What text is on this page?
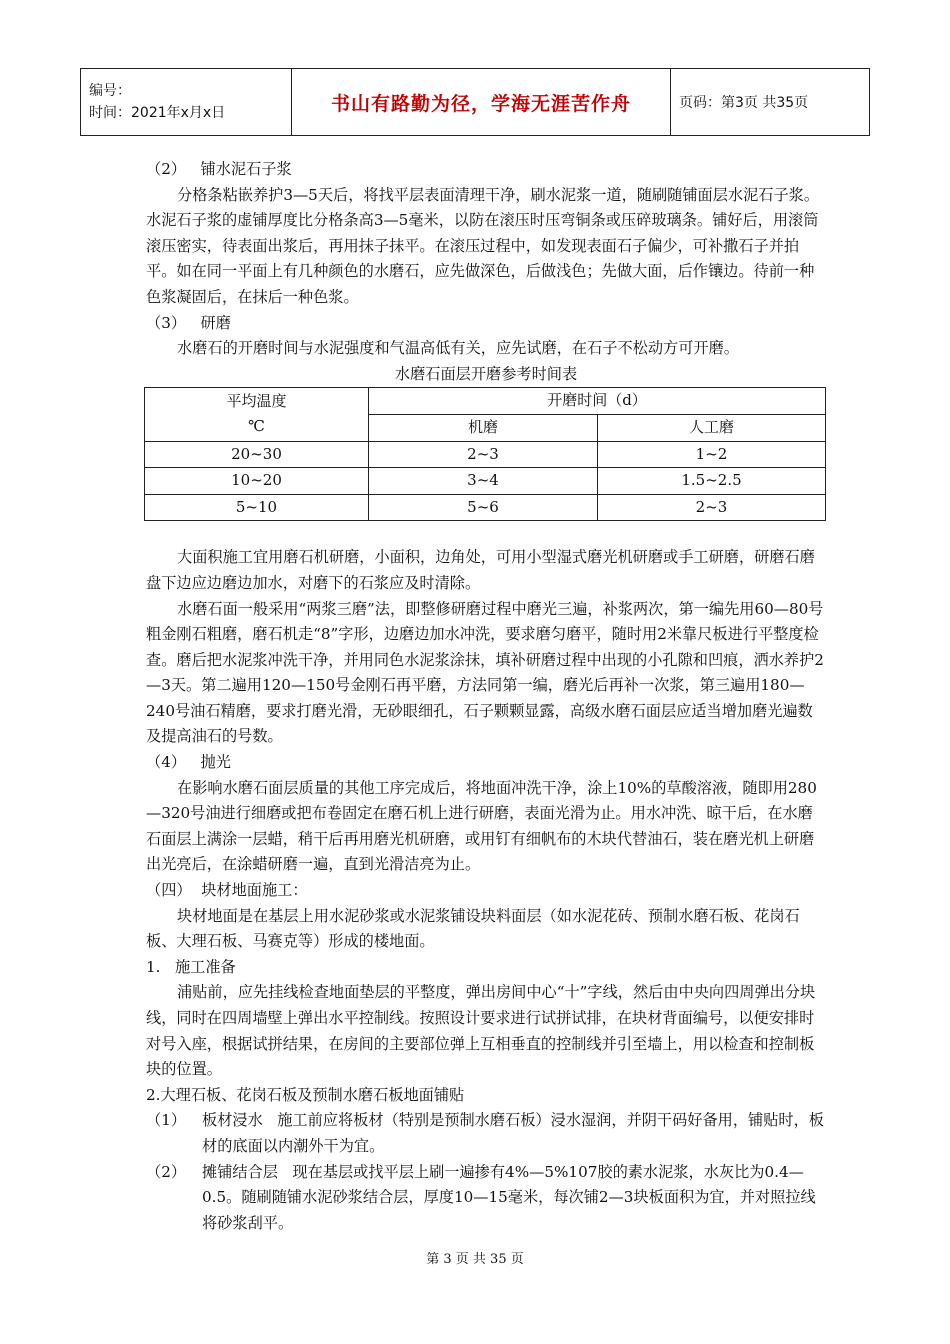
编号：
时间：2021年x月x日	书山有路勤为径，学海无涯苦作舟	页码：第3页 共35页

（2）   铺水泥石子浆

分格条粘嵌养护3—5天后，将找平层表面清理干净，刷水泥浆一道，随刷随铺面层水泥石子浆。水泥石子浆的虚铺厚度比分格条高3—5毫米，以防在滚压时压弯铜条或压碎玻璃条。铺好后，用滚筒滚压密实，待表面出浆后，再用抹子抹平。在滚压过程中，如发现表面石子偏少，可补撒石子并拍平。如在同一平面上有几种颜色的水磨石，应先做深色，后做浅色；先做大面，后作镶边。待前一种色浆凝固后，在抹后一种色浆。

（3）   研磨

水磨石的开磨时间与水泥强度和气温高低有关，应先试磨，在石子不松动方可开磨。

水磨石面层开磨参考时间表

平均温度
℃	开磨时间（d）	
	机磨	人工磨
20~30	2~3	1~2
10~20	3~4	1.5~2.5
5~10	5~6	2~3

大面积施工宜用磨石机研磨，小面积，边角处，可用小型湿式磨光机研磨或手工研磨，研磨石磨盘下边应边磨边加水，对磨下的石浆应及时清除。

水磨石面一般采用“两浆三磨”法，即整修研磨过程中磨光三遍，补浆两次，第一编先用60—80号粗金刚石粗磨，磨石机走“8”字形，边磨边加水冲洗，要求磨匀磨平，随时用2米靠尺板进行平整度检查。磨后把水泥浆冲洗干净，并用同色水泥浆涂抹，填补研磨过程中出现的小孔隙和凹痕，洒水养护2—3天。第二遍用120—150号金刚石再平磨，方法同第一编，磨光后再补一次浆，第三遍用180—240号油石精磨，要求打磨光滑，无砂眼细孔，石子颗颗显露，高级水磨石面层应适当增加磨光遍数及提高油石的号数。

（4）   抛光

在影响水磨石面层质量的其他工序完成后，将地面冲洗干净，涂上10%的草酸溶液，随即用280—320号油进行细磨或把布卷固定在磨石机上进行研磨，表面光滑为止。用水冲洗、晾干后，在水磨石面层上满涂一层蜡，稍干后再用磨光机研磨，或用钉有细帆布的木块代替油石，装在磨光机上研磨出光亮后，在涂蜡研磨一遍，直到光滑洁亮为止。

（四）  块材地面施工：

块材地面是在基层上用水泥砂浆或水泥浆铺设块料面层（如水泥花砖、预制水磨石板、花岗石板、大理石板、马赛克等）形成的楼地面。

1.   施工准备

浦贴前，应先挂线检查地面垫层的平整度，弹出房间中心“十”字线，然后由中央向四周弹出分块线，同时在四周墙壁上弹出水平控制线。按照设计要求进行试拼试排，在块材背面编号，以便安排时对号入座，根据试拼结果，在房间的主要部位弹上互相垂直的控制线并引至墙上，用以检查和控制板块的位置。

2.大理石板、花岗石板及预制水磨石板地面铺贴

（1）	板材浸水   施工前应将板材（特别是预制水磨石板）浸水湿润，并阴干码好备用，铺贴时，板材的底面以内潮外干为宜。
（2）	摊铺结合层   现在基层或找平层上刷一遍掺有4%—5%107胶的素水泥浆，水灰比为0.4—0.5。随刷随铺水泥砂浆结合层，厚度10—15毫米，每次铺2—3块板面积为宜，并对照拉线将砂浆刮平。
第 3 页 共 35 页
